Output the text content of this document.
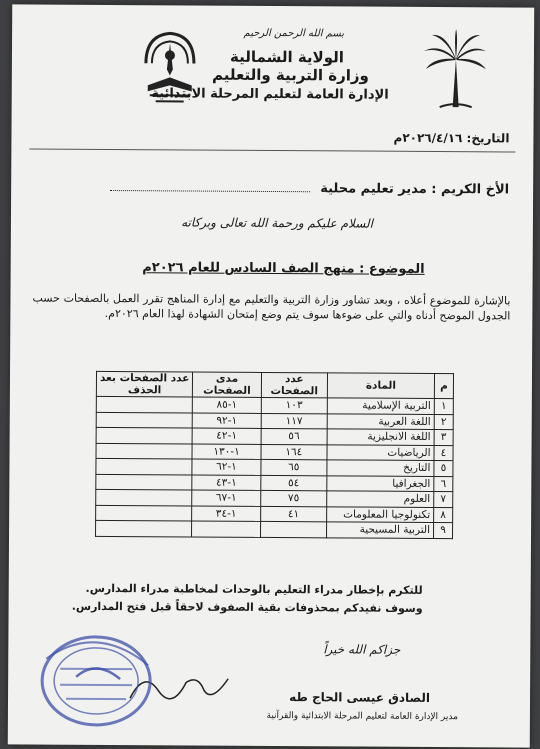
بسم الله الرحمن الرحيم
الولاية الشمالية
وزارة التربية والتعليم
الإدارة العامة لتعليم المرحلة الابتدائية
التاريخ: ٢٠٢٦/٤/١٦م
الأخ الكريم : مدير تعليم محلية
السلام عليكم ورحمة الله تعالى وبركاته
الموضوع : منهج الصف السادس للعام ٢٠٢٦م
بالإشارة للموضوع أعلاه ، وبعد تشاور وزارة التربية والتعليم مع إدارة المناهج تقرر العمل بالصفحات حسب الجدول الموضح أدناه والتي على ضوءها سوف يتم وضع إمتحان الشهادة لهذا العام ٢٠٢٦م.
م	المادة	عدد الصفحات	مدى الصفحات	عدد الصفحات بعد الحذف
١	التربية الإسلامية	١٠٣	١-٨٥	
٢	اللغة العربية	١١٧	١-٩٢	
٣	اللغة الانجليزية	٥٦	١-٤٢	
٤	الرياضيات	١٦٤	١-١٣٠	
٥	التاريخ	٦٥	١-٦٢	
٦	الجغرافيا	٥٤	١-٤٣	
٧	العلوم	٧٥	١-٦٧	
٨	تكنولوجيا المعلومات	٤١	١-٣٤	
٩	التربية المسيحية			
للتكرم بإخطار مدراء التعليم بالوحدات لمخاطبة مدراء المدارس.
وسوف نفيدكم بمحذوفات بقية الصفوف لاحقاً قبل فتح المدارس.
جزاكم الله خيراً
الصادق عيسى الحاج طه
مدير الإدارة العامة لتعليم المرحلة الابتدائية والقرآنية
